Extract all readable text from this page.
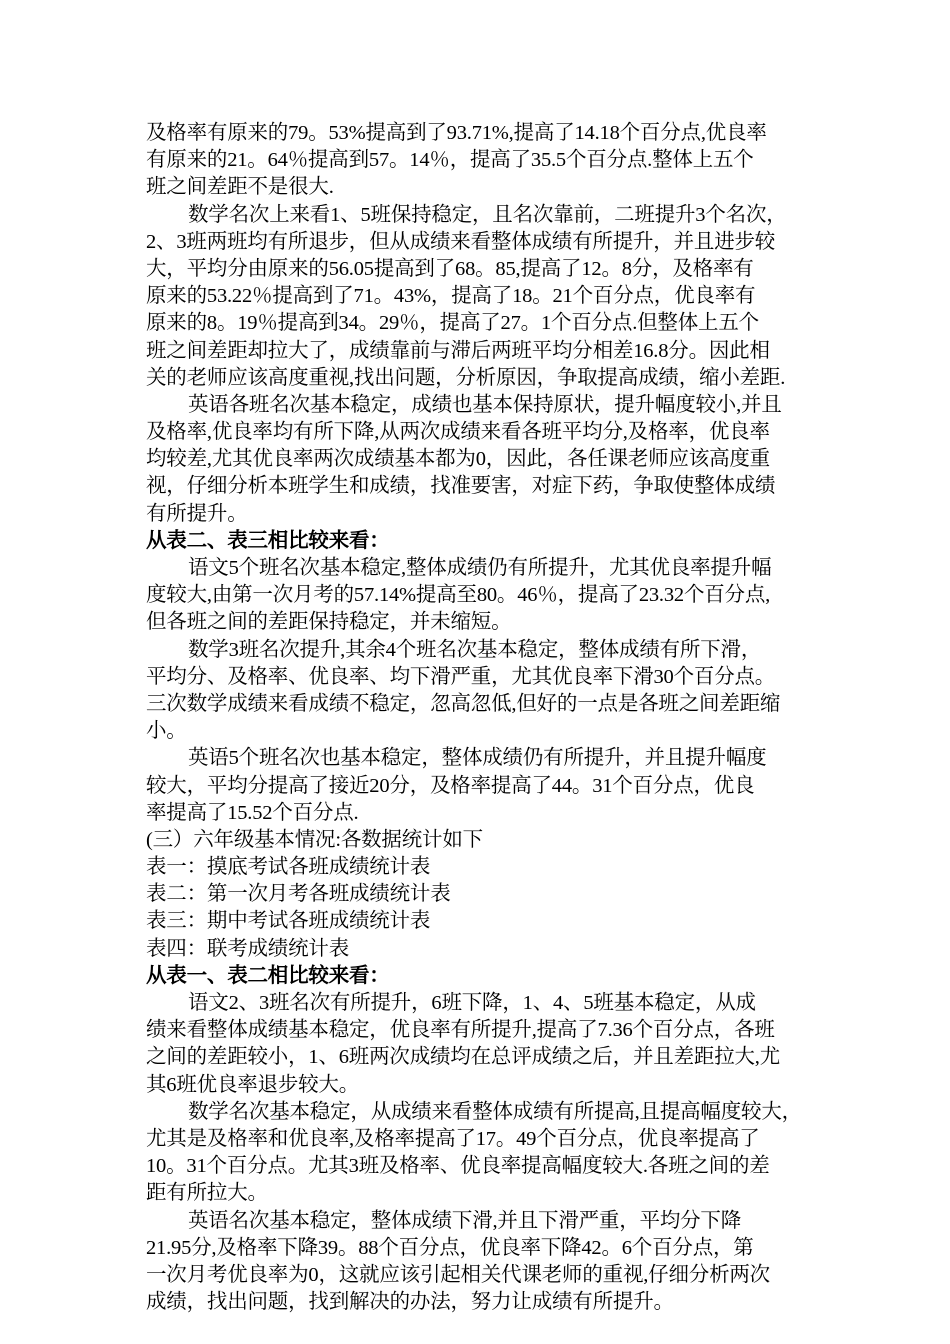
及格率有原来的79。53%提高到了93.71%,提高了14.18个百分点,优良率
有原来的21。64％提高到57。14％，提高了35.5个百分点.整体上五个
班之间差距不是很大.
数学名次上来看1、5班保持稳定，且名次靠前，二班提升3个名次，
2、3班两班均有所退步，但从成绩来看整体成绩有所提升，并且进步较
大，平均分由原来的56.05提高到了68。85,提高了12。8分，及格率有
原来的53.22％提高到了71。43%，提高了18。21个百分点，优良率有
原来的8。19％提高到34。29％，提高了27。1个百分点.但整体上五个
班之间差距却拉大了，成绩靠前与滞后两班平均分相差16.8分。因此相
关的老师应该高度重视,找出问题，分析原因，争取提高成绩，缩小差距.
英语各班名次基本稳定，成绩也基本保持原状，提升幅度较小,并且
及格率,优良率均有所下降,从两次成绩来看各班平均分,及格率，优良率
均较差,尤其优良率两次成绩基本都为0，因此，各任课老师应该高度重
视，仔细分析本班学生和成绩，找准要害，对症下药，争取使整体成绩
有所提升。
从表二、表三相比较来看：
语文5个班名次基本稳定,整体成绩仍有所提升，尤其优良率提升幅
度较大,由第一次月考的57.14%提高至80。46％，提高了23.32个百分点,
但各班之间的差距保持稳定，并未缩短。
数学3班名次提升,其余4个班名次基本稳定，整体成绩有所下滑，
平均分、及格率、优良率、均下滑严重，尤其优良率下滑30个百分点。
三次数学成绩来看成绩不稳定，忽高忽低,但好的一点是各班之间差距缩
小。
英语5个班名次也基本稳定，整体成绩仍有所提升，并且提升幅度
较大，平均分提高了接近20分，及格率提高了44。31个百分点，优良
率提高了15.52个百分点.
(三）六年级基本情况:各数据统计如下
表一：摸底考试各班成绩统计表
表二：第一次月考各班成绩统计表
表三：期中考试各班成绩统计表
表四：联考成绩统计表
从表一、表二相比较来看：
语文2、3班名次有所提升，6班下降，1、4、5班基本稳定，从成
绩来看整体成绩基本稳定，优良率有所提升,提高了7.36个百分点，各班
之间的差距较小，1、6班两次成绩均在总评成绩之后，并且差距拉大,尤
其6班优良率退步较大。
数学名次基本稳定，从成绩来看整体成绩有所提高,且提高幅度较大，
尤其是及格率和优良率,及格率提高了17。49个百分点，优良率提高了
10。31个百分点。尤其3班及格率、优良率提高幅度较大.各班之间的差
距有所拉大。
英语名次基本稳定，整体成绩下滑,并且下滑严重，平均分下降
21.95分,及格率下降39。88个百分点，优良率下降42。6个百分点，第
一次月考优良率为0，这就应该引起相关代课老师的重视,仔细分析两次
成绩，找出问题，找到解决的办法，努力让成绩有所提升。
